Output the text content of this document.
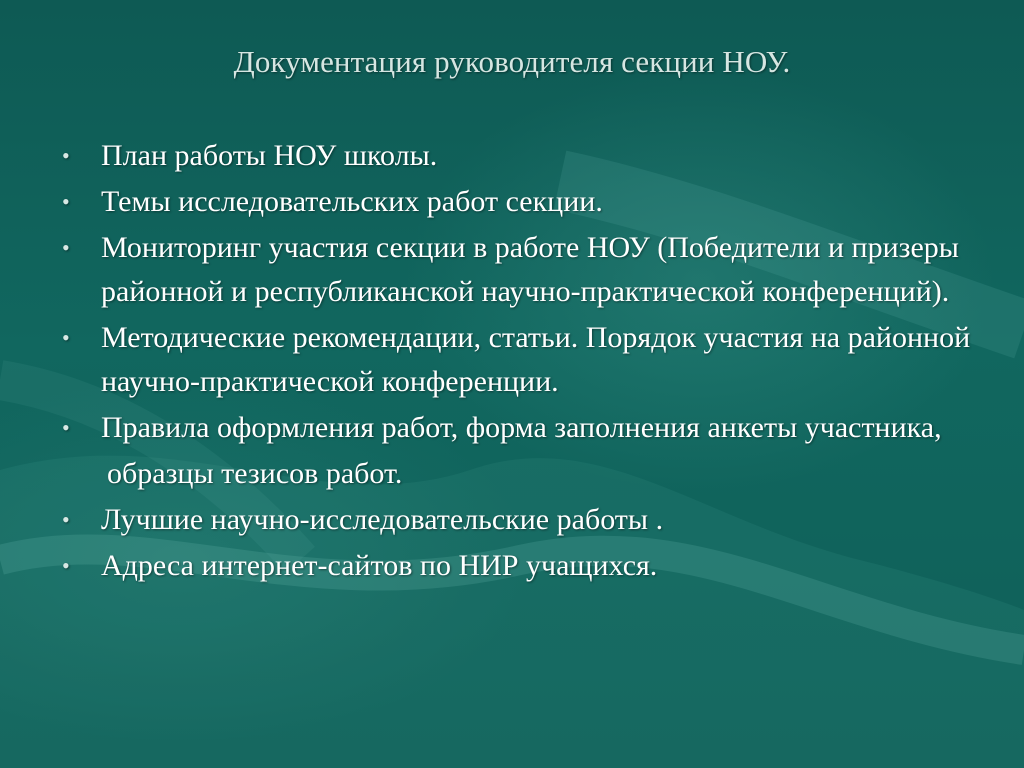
Документация руководителя секции НОУ.
• План работы НОУ школы.
• Темы исследовательских работ секции.
• Мониторинг участия секции в работе НОУ (Победители и призеры районной и республиканской научно-практической конференций).
• Методические рекомендации, статьи. Порядок участия на районной научно-практической конференции.
• Правила оформления работ, форма заполнения анкеты участника,
образцы тезисов работ.
• Лучшие научно-исследовательские работы .
• Адреса интернет-сайтов по НИР учащихся.
